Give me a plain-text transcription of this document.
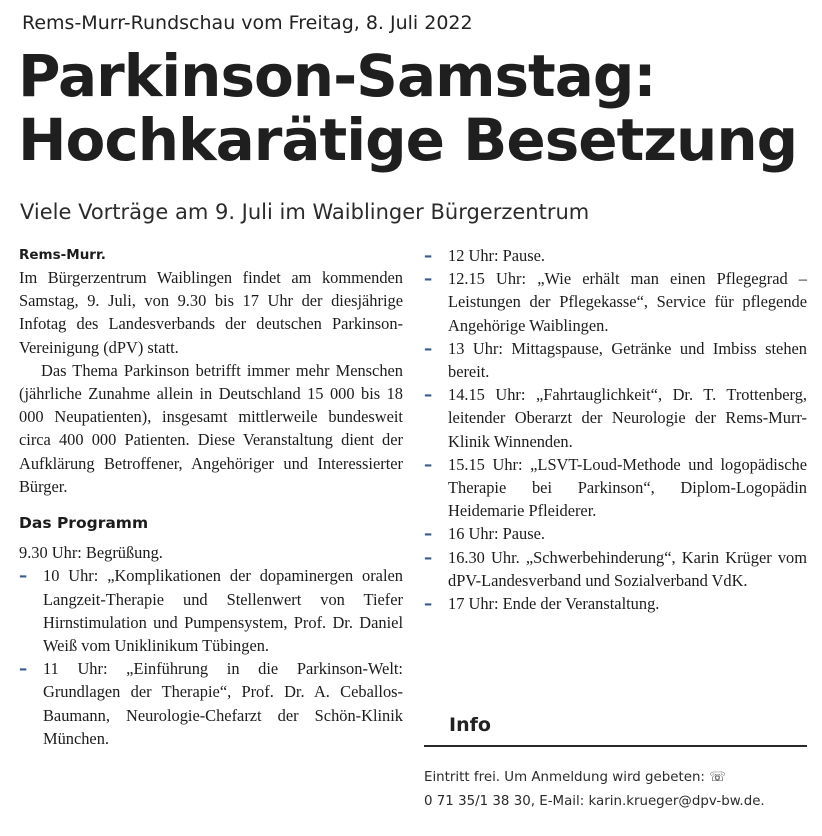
Rems-Murr-Rundschau vom Freitag, 8. Juli 2022
Parkinson-Samstag:
Hochkarätige Besetzung
Viele Vorträge am 9. Juli im Waiblinger Bürgerzentrum
Rems-Murr.

Im Bürgerzentrum Waiblingen findet am kommenden Samstag, 9. Juli, von 9.30 bis 17 Uhr der diesjährige Infotag des Landesverbands der deutschen Parkinson-Vereinigung (dPV) statt.

Das Thema Parkinson betrifft immer mehr Menschen (jährliche Zunahme allein in Deutschland 15 000 bis 18 000 Neupatienten), insgesamt mittlerweile bundesweit circa 400 000 Patienten. Diese Veranstaltung dient der Aufklärung Betroffener, Angehöriger und Interessierter Bürger.

Das Programm

9.30 Uhr: Begrüßung.

– 10 Uhr: „Komplikationen der dopaminergen oralen Langzeit-Therapie und Stellenwert von Tiefer Hirnstimulation und Pumpensystem, Prof. Dr. Daniel Weiß vom Uniklinikum Tübingen.
– 11 Uhr: „Einführung in die Parkinson-Welt: Grundlagen der Therapie“, Prof. Dr. A. Ceballos-Baumann, Neurologie-Chefarzt der Schön-Klinik München.
– 12 Uhr: Pause.
– 12.15 Uhr: „Wie erhält man einen Pflegegrad – Leistungen der Pflegekasse“, Service für pflegende Angehörige Waiblingen.
– 13 Uhr: Mittagspause, Getränke und Imbiss stehen bereit.
– 14.15 Uhr: „Fahrtauglichkeit“, Dr. T. Trottenberg, leitender Oberarzt der Neurologie der Rems-Murr-Klinik Winnenden.
– 15.15 Uhr: „LSVT-Loud-Methode und logopädische Therapie bei Parkinson“, Diplom-Logopädin Heidemarie Pfleiderer.
– 16 Uhr: Pause.
– 16.30 Uhr. „Schwerbehinderung“, Karin Krüger vom dPV-Landesverband und Sozialverband VdK.
– 17 Uhr: Ende der Veranstaltung.
Info
Eintritt frei. Um Anmeldung wird gebeten: ☏
0 71 35/1 38 30, E-Mail: karin.krueger@dpv-bw.de.
